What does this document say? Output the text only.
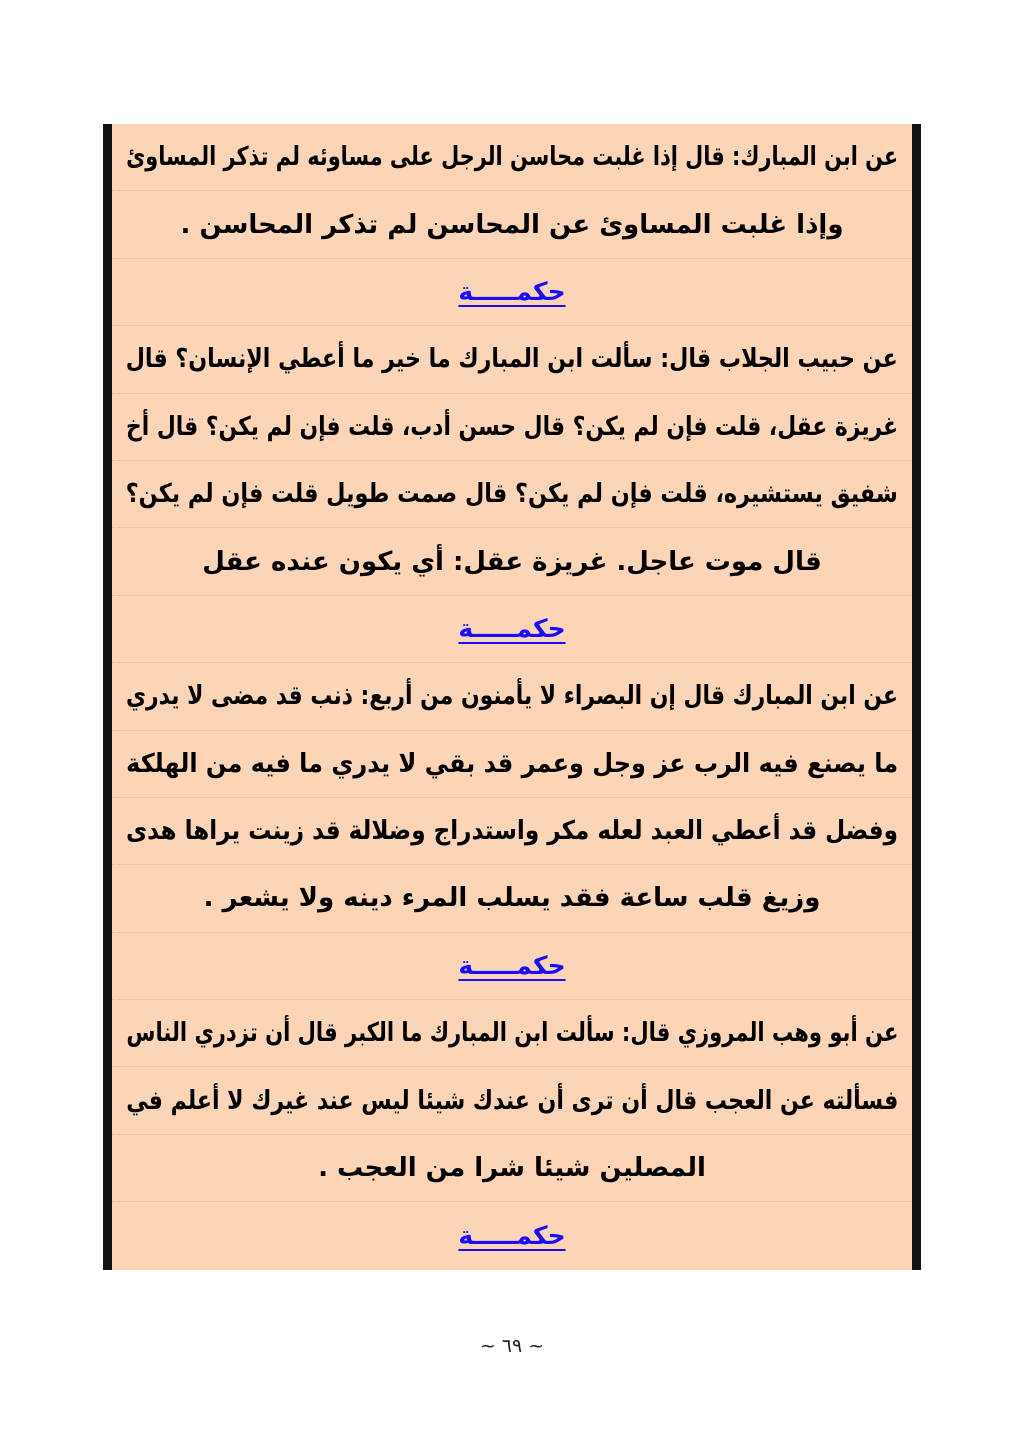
عن ابن المبارك: قال إذا غلبت محاسن الرجل على مساوئه لم تذكر المساوئ
وإذا غلبت المساوئ عن المحاسن لم تذكر المحاسن .
حكمـــــة
عن حبيب الجلاب قال: سألت ابن المبارك ما خير ما أعطي الإنسان؟ قال
غريزة عقل، قلت فإن لم يكن؟ قال حسن أدب، قلت فإن لم يكن؟ قال أخ
شفيق يستشيره، قلت فإن لم يكن؟ قال صمت طويل قلت فإن لم يكن؟
قال موت عاجل. غريزة عقل: أي يكون عنده عقل
حكمـــــة
عن ابن المبارك قال إن البصراء لا يأمنون من أربع: ذنب قد مضى لا يدري
ما يصنع فيه الرب عز وجل وعمر قد بقي لا يدري ما فيه من الهلكة
وفضل قد أعطي العبد لعله مكر واستدراج وضلالة قد زينت يراها هدى
وزيغ قلب ساعة فقد يسلب المرء دينه ولا يشعر .
حكمـــــة
عن أبو وهب المروزي قال: سألت ابن المبارك ما الكبر قال أن تزدري الناس
فسألته عن العجب قال أن ترى أن عندك شيئا ليس عند غيرك لا أعلم في
المصلين شيئا شرا من العجب .
حكمـــــة
~ ٦٩ ~
